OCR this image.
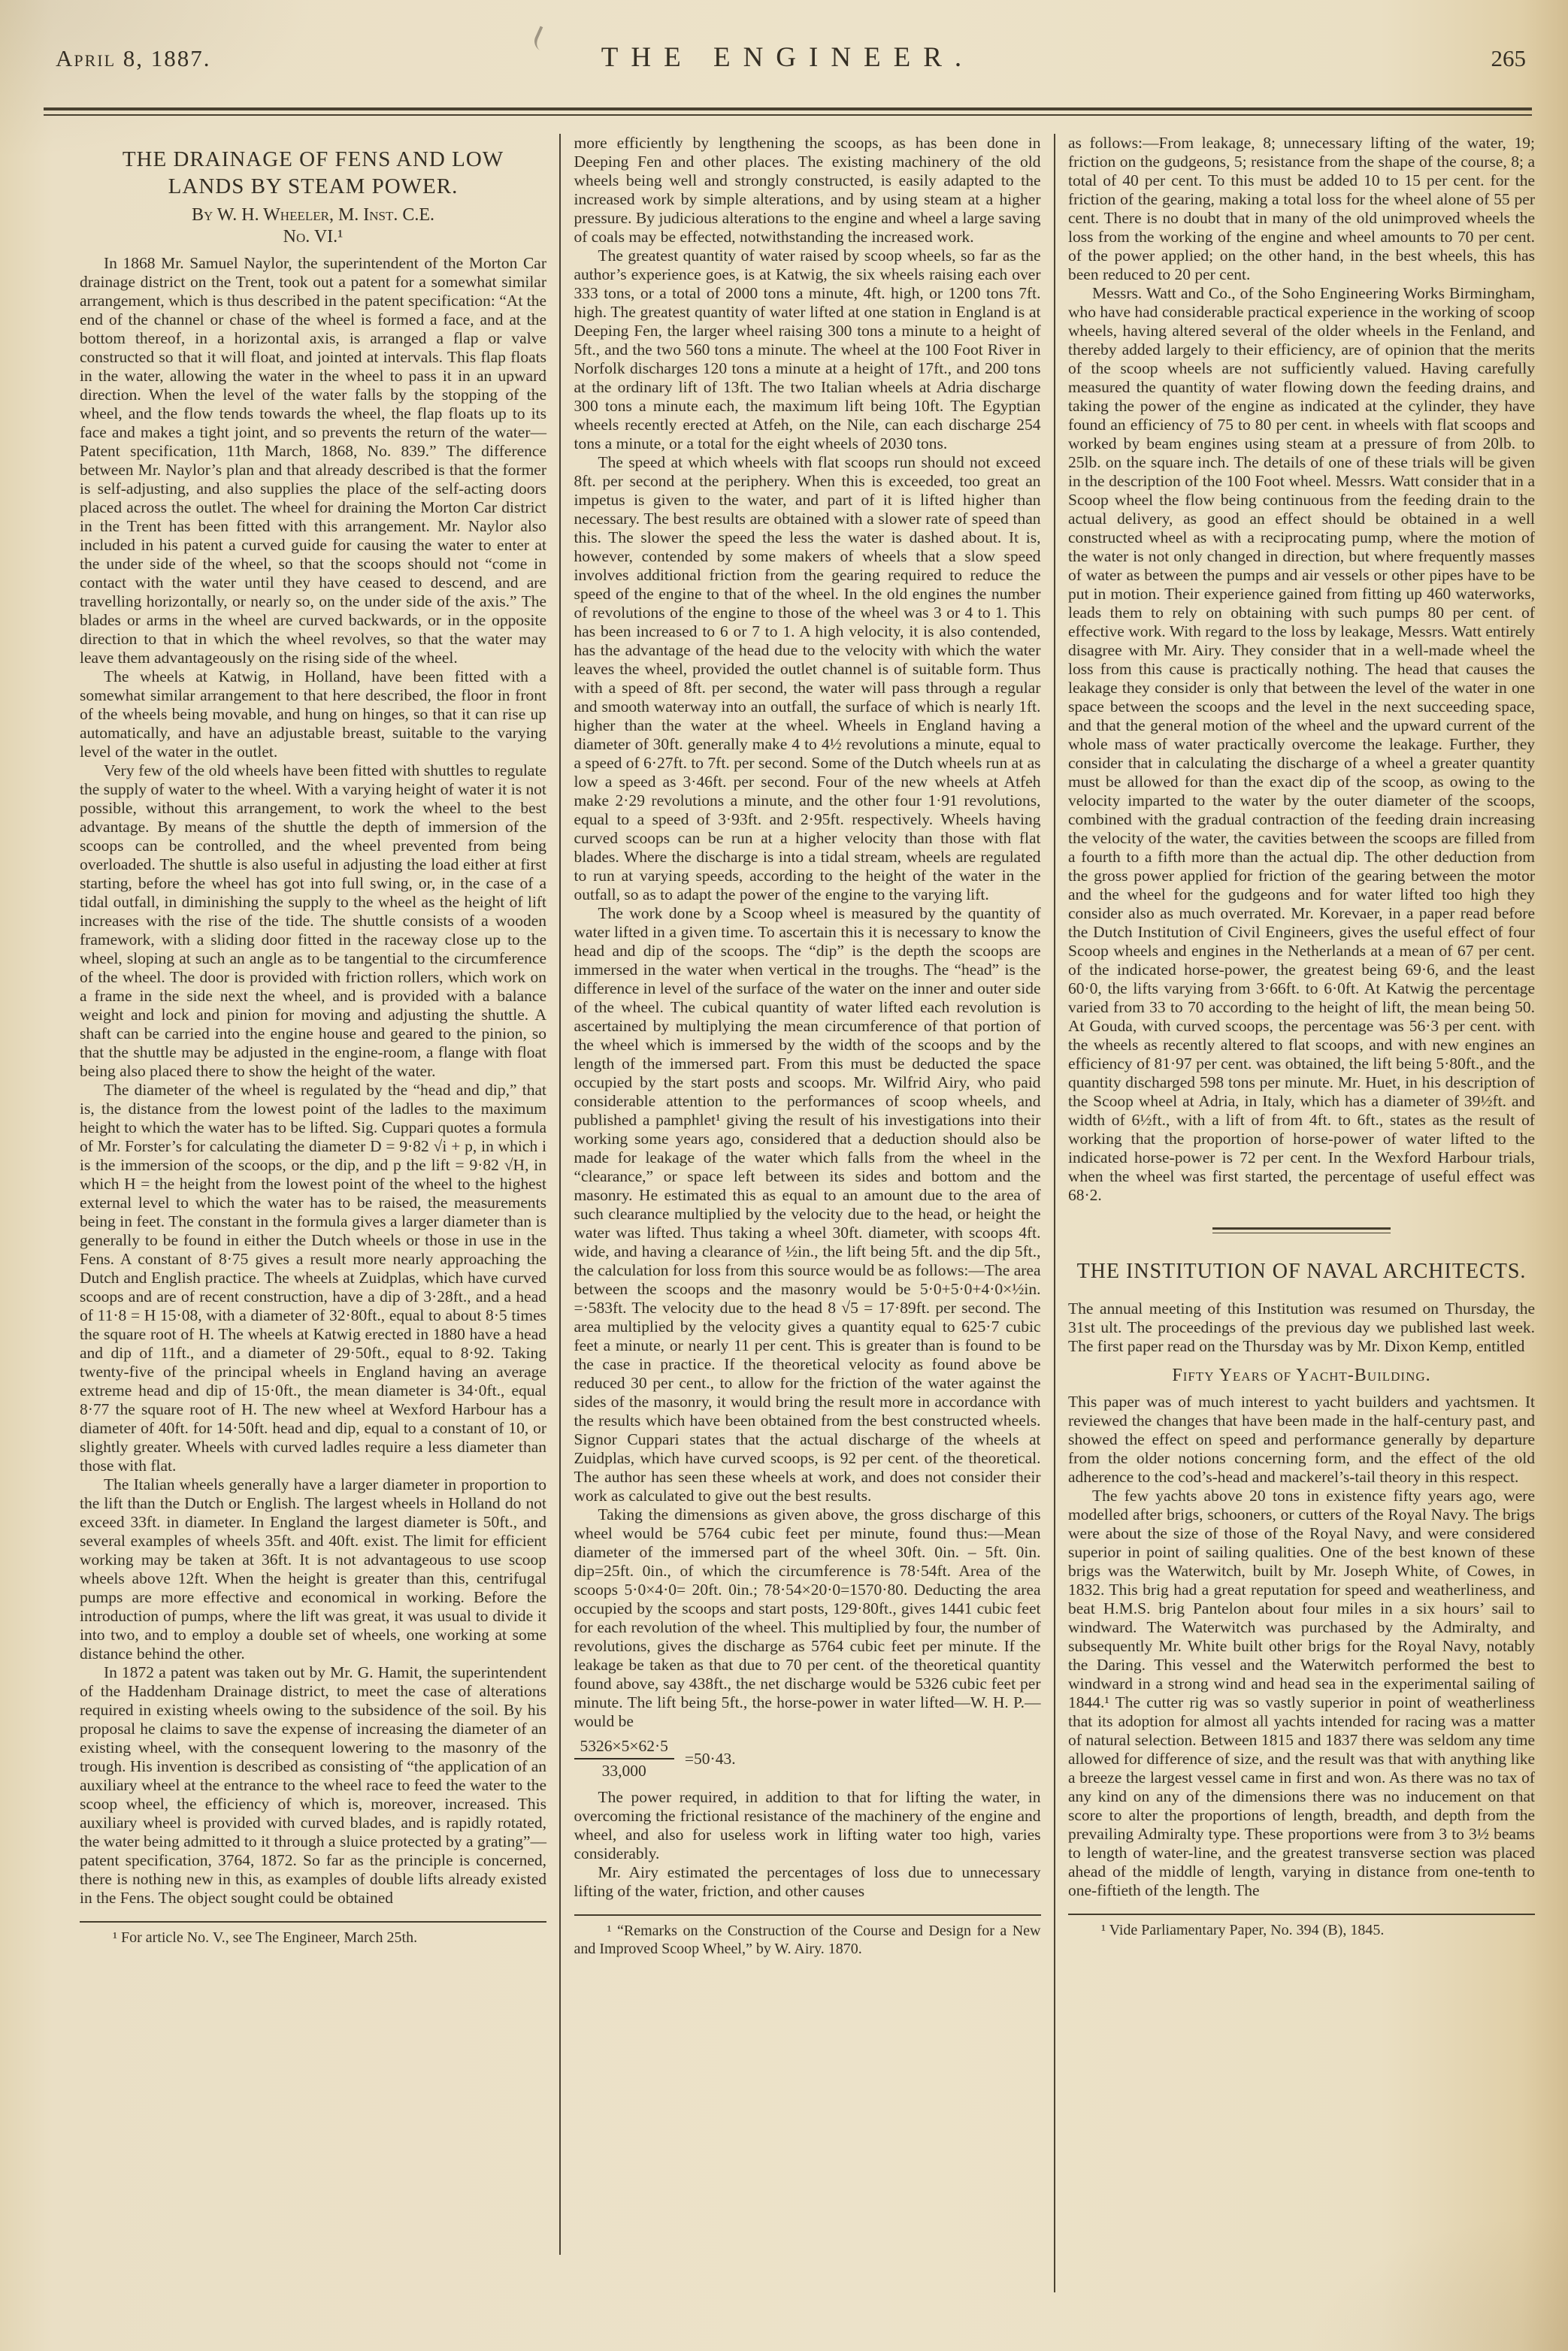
April 8, 1887.	THE ENGINEER.	265
THE DRAINAGE OF FENS AND LOW LANDS BY STEAM POWER.
By W. H. Wheeler, M. Inst. C.E.
No. VI.¹
In 1868 Mr. Samuel Naylor, the superintendent of the Morton Car drainage district on the Trent, took out a patent for a somewhat similar arrangement, which is thus described in the patent specification: “At the end of the channel or chase of the wheel is formed a face, and at the bottom thereof, in a horizontal axis, is arranged a flap or valve constructed so that it will float, and jointed at intervals. This flap floats in the water, allowing the water in the wheel to pass it in an upward direction. When the level of the water falls by the stopping of the wheel, and the flow tends towards the wheel, the flap floats up to its face and makes a tight joint, and so prevents the return of the water—Patent specification, 11th March, 1868, No. 839.” The difference between Mr. Naylor’s plan and that already described is that the former is self-adjusting, and also supplies the place of the self-acting doors placed across the outlet. The wheel for draining the Morton Car district in the Trent has been fitted with this arrangement. Mr. Naylor also included in his patent a curved guide for causing the water to enter at the under side of the wheel, so that the scoops should not “come in contact with the water until they have ceased to descend, and are travelling horizontally, or nearly so, on the under side of the axis.” The blades or arms in the wheel are curved backwards, or in the opposite direction to that in which the wheel revolves, so that the water may leave them advantageously on the rising side of the wheel.
The wheels at Katwig, in Holland, have been fitted with a somewhat similar arrangement to that here described, the floor in front of the wheels being movable, and hung on hinges, so that it can rise up automatically, and have an adjustable breast, suitable to the varying level of the water in the outlet.
Very few of the old wheels have been fitted with shuttles to regulate the supply of water to the wheel. With a varying height of water it is not possible, without this arrangement, to work the wheel to the best advantage. By means of the shuttle the depth of immersion of the scoops can be controlled, and the wheel prevented from being overloaded. The shuttle is also useful in adjusting the load either at first starting, before the wheel has got into full swing, or, in the case of a tidal outfall, in diminishing the supply to the wheel as the height of lift increases with the rise of the tide. The shuttle consists of a wooden framework, with a sliding door fitted in the raceway close up to the wheel, sloping at such an angle as to be tangential to the circumference of the wheel. The door is provided with friction rollers, which work on a frame in the side next the wheel, and is provided with a balance weight and lock and pinion for moving and adjusting the shuttle. A shaft can be carried into the engine house and geared to the pinion, so that the shuttle may be adjusted in the engine-room, a flange with float being also placed there to show the height of the water.
The diameter of the wheel is regulated by the “head and dip,” that is, the distance from the lowest point of the ladles to the maximum height to which the water has to be lifted. Sig. Cuppari quotes a formula of Mr. Forster’s for calculating the diameter D = 9·82 √i + p, in which i is the immersion of the scoops, or the dip, and p the lift = 9·82 √H, in which H = the height from the lowest point of the wheel to the highest external level to which the water has to be raised, the measurements being in feet. The constant in the formula gives a larger diameter than is generally to be found in either the Dutch wheels or those in use in the Fens. A constant of 8·75 gives a result more nearly approaching the Dutch and English practice. The wheels at Zuidplas, which have curved scoops and are of recent construction, have a dip of 3·28ft., and a head of 11·8 = H 15·08, with a diameter of 32·80ft., equal to about 8·5 times the square root of H. The wheels at Katwig erected in 1880 have a head and dip of 11ft., and a diameter of 29·50ft., equal to 8·92. Taking twenty-five of the principal wheels in England having an average extreme head and dip of 15·0ft., the mean diameter is 34·0ft., equal 8·77 the square root of H. The new wheel at Wexford Harbour has a diameter of 40ft. for 14·50ft. head and dip, equal to a constant of 10, or slightly greater. Wheels with curved ladles require a less diameter than those with flat.
The Italian wheels generally have a larger diameter in proportion to the lift than the Dutch or English. The largest wheels in Holland do not exceed 33ft. in diameter. In England the largest diameter is 50ft., and several examples of wheels 35ft. and 40ft. exist. The limit for efficient working may be taken at 36ft. It is not advantageous to use scoop wheels above 12ft. When the height is greater than this, centrifugal pumps are more effective and economical in working. Before the introduction of pumps, where the lift was great, it was usual to divide it into two, and to employ a double set of wheels, one working at some distance behind the other.
In 1872 a patent was taken out by Mr. G. Hamit, the superintendent of the Haddenham Drainage district, to meet the case of alterations required in existing wheels owing to the subsidence of the soil. By his proposal he claims to save the expense of increasing the diameter of an existing wheel, with the consequent lowering to the masonry of the trough. His invention is described as consisting of “the application of an auxiliary wheel at the entrance to the wheel race to feed the water to the scoop wheel, the efficiency of which is, moreover, increased. This auxiliary wheel is provided with curved blades, and is rapidly rotated, the water being admitted to it through a sluice protected by a grating”—patent specification, 3764, 1872. So far as the principle is concerned, there is nothing new in this, as examples of double lifts already existed in the Fens. The object sought could be obtained
¹ For article No. V., see The Engineer, March 25th.
more efficiently by lengthening the scoops, as has been done in Deeping Fen and other places. The existing machinery of the old wheels being well and strongly constructed, is easily adapted to the increased work by simple alterations, and by using steam at a higher pressure. By judicious alterations to the engine and wheel a large saving of coals may be effected, notwithstanding the increased work.
The greatest quantity of water raised by scoop wheels, so far as the author’s experience goes, is at Katwig, the six wheels raising each over 333 tons, or a total of 2000 tons a minute, 4ft. high, or 1200 tons 7ft. high. The greatest quantity of water lifted at one station in England is at Deeping Fen, the larger wheel raising 300 tons a minute to a height of 5ft., and the two 560 tons a minute. The wheel at the 100 Foot River in Norfolk discharges 120 tons a minute at a height of 17ft., and 200 tons at the ordinary lift of 13ft. The two Italian wheels at Adria discharge 300 tons a minute each, the maximum lift being 10ft. The Egyptian wheels recently erected at Atfeh, on the Nile, can each discharge 254 tons a minute, or a total for the eight wheels of 2030 tons.
The speed at which wheels with flat scoops run should not exceed 8ft. per second at the periphery. When this is exceeded, too great an impetus is given to the water, and part of it is lifted higher than necessary. The best results are obtained with a slower rate of speed than this. The slower the speed the less the water is dashed about. It is, however, contended by some makers of wheels that a slow speed involves additional friction from the gearing required to reduce the speed of the engine to that of the wheel. In the old engines the number of revolutions of the engine to those of the wheel was 3 or 4 to 1. This has been increased to 6 or 7 to 1. A high velocity, it is also contended, has the advantage of the head due to the velocity with which the water leaves the wheel, provided the outlet channel is of suitable form. Thus with a speed of 8ft. per second, the water will pass through a regular and smooth waterway into an outfall, the surface of which is nearly 1ft. higher than the water at the wheel. Wheels in England having a diameter of 30ft. generally make 4 to 4½ revolutions a minute, equal to a speed of 6·27ft. to 7ft. per second. Some of the Dutch wheels run at as low a speed as 3·46ft. per second. Four of the new wheels at Atfeh make 2·29 revolutions a minute, and the other four 1·91 revolutions, equal to a speed of 3·93ft. and 2·95ft. respectively. Wheels having curved scoops can be run at a higher velocity than those with flat blades. Where the discharge is into a tidal stream, wheels are regulated to run at varying speeds, according to the height of the water in the outfall, so as to adapt the power of the engine to the varying lift.
The work done by a Scoop wheel is measured by the quantity of water lifted in a given time. To ascertain this it is necessary to know the head and dip of the scoops. The “dip” is the depth the scoops are immersed in the water when vertical in the troughs. The “head” is the difference in level of the surface of the water on the inner and outer side of the wheel. The cubical quantity of water lifted each revolution is ascertained by multiplying the mean circumference of that portion of the wheel which is immersed by the width of the scoops and by the length of the immersed part. From this must be deducted the space occupied by the start posts and scoops. Mr. Wilfrid Airy, who paid considerable attention to the performances of scoop wheels, and published a pamphlet¹ giving the result of his investigations into their working some years ago, considered that a deduction should also be made for leakage of the water which falls from the wheel in the “clearance,” or space left between its sides and bottom and the masonry. He estimated this as equal to an amount due to the area of such clearance multiplied by the velocity due to the head, or height the water was lifted. Thus taking a wheel 30ft. diameter, with scoops 4ft. wide, and having a clearance of ½in., the lift being 5ft. and the dip 5ft., the calculation for loss from this source would be as follows:—The area between the scoops and the masonry would be 5·0+5·0+4·0×½in. =·583ft. The velocity due to the head 8 √5 = 17·89ft. per second. The area multiplied by the velocity gives a quantity equal to 625·7 cubic feet a minute, or nearly 11 per cent. This is greater than is found to be the case in practice. If the theoretical velocity as found above be reduced 30 per cent., to allow for the friction of the water against the sides of the masonry, it would bring the result more in accordance with the results which have been obtained from the best constructed wheels. Signor Cuppari states that the actual discharge of the wheels at Zuidplas, which have curved scoops, is 92 per cent. of the theoretical. The author has seen these wheels at work, and does not consider their work as calculated to give out the best results.
Taking the dimensions as given above, the gross discharge of this wheel would be 5764 cubic feet per minute, found thus:—Mean diameter of the immersed part of the wheel 30ft. 0in. – 5ft. 0in. dip=25ft. 0in., of which the circumference is 78·54ft. Area of the scoops 5·0×4·0= 20ft. 0in.; 78·54×20·0=1570·80. Deducting the area occupied by the scoops and start posts, 129·80ft., gives 1441 cubic feet for each revolution of the wheel. This multiplied by four, the number of revolutions, gives the discharge as 5764 cubic feet per minute. If the leakage be taken as that due to 70 per cent. of the theoretical quantity found above, say 438ft., the net discharge would be 5326 cubic feet per minute. The lift being 5ft., the horse-power in water lifted—W. H. P.—would be
$\frac{5326\times 5\times 62\cdot 5}{33,000} =50\cdot 43$.
The power required, in addition to that for lifting the water, in overcoming the frictional resistance of the machinery of the engine and wheel, and also for useless work in lifting water too high, varies considerably.
Mr. Airy estimated the percentages of loss due to unnecessary lifting of the water, friction, and other causes
¹ “Remarks on the Construction of the Course and Design for a New and Improved Scoop Wheel,” by W. Airy. 1870.
as follows:—From leakage, 8; unnecessary lifting of the water, 19; friction on the gudgeons, 5; resistance from the shape of the course, 8; a total of 40 per cent. To this must be added 10 to 15 per cent. for the friction of the gearing, making a total loss for the wheel alone of 55 per cent. There is no doubt that in many of the old unimproved wheels the loss from the working of the engine and wheel amounts to 70 per cent. of the power applied; on the other hand, in the best wheels, this has been reduced to 20 per cent.
Messrs. Watt and Co., of the Soho Engineering Works Birmingham, who have had considerable practical experience in the working of scoop wheels, having altered several of the older wheels in the Fenland, and thereby added largely to their efficiency, are of opinion that the merits of the scoop wheels are not sufficiently valued. Having carefully measured the quantity of water flowing down the feeding drains, and taking the power of the engine as indicated at the cylinder, they have found an efficiency of 75 to 80 per cent. in wheels with flat scoops and worked by beam engines using steam at a pressure of from 20lb. to 25lb. on the square inch. The details of one of these trials will be given in the description of the 100 Foot wheel. Messrs. Watt consider that in a Scoop wheel the flow being continuous from the feeding drain to the actual delivery, as good an effect should be obtained in a well constructed wheel as with a reciprocating pump, where the motion of the water is not only changed in direction, but where frequently masses of water as between the pumps and air vessels or other pipes have to be put in motion. Their experience gained from fitting up 460 waterworks, leads them to rely on obtaining with such pumps 80 per cent. of effective work. With regard to the loss by leakage, Messrs. Watt entirely disagree with Mr. Airy. They consider that in a well-made wheel the loss from this cause is practically nothing. The head that causes the leakage they consider is only that between the level of the water in one space between the scoops and the level in the next succeeding space, and that the general motion of the wheel and the upward current of the whole mass of water practically overcome the leakage. Further, they consider that in calculating the discharge of a wheel a greater quantity must be allowed for than the exact dip of the scoop, as owing to the velocity imparted to the water by the outer diameter of the scoops, combined with the gradual contraction of the feeding drain increasing the velocity of the water, the cavities between the scoops are filled from a fourth to a fifth more than the actual dip. The other deduction from the gross power applied for friction of the gearing between the motor and the wheel for the gudgeons and for water lifted too high they consider also as much overrated. Mr. Korevaer, in a paper read before the Dutch Institution of Civil Engineers, gives the useful effect of four Scoop wheels and engines in the Netherlands at a mean of 67 per cent. of the indicated horse-power, the greatest being 69·6, and the least 60·0, the lifts varying from 3·66ft. to 6·0ft. At Katwig the percentage varied from 33 to 70 according to the height of lift, the mean being 50. At Gouda, with curved scoops, the percentage was 56·3 per cent. with the wheels as recently altered to flat scoops, and with new engines an efficiency of 81·97 per cent. was obtained, the lift being 5·80ft., and the quantity discharged 598 tons per minute. Mr. Huet, in his description of the Scoop wheel at Adria, in Italy, which has a diameter of 39½ft. and width of 6½ft., with a lift of from 4ft. to 6ft., states as the result of working that the proportion of horse-power of water lifted to the indicated horse-power is 72 per cent. In the Wexford Harbour trials, when the wheel was first started, the percentage of useful effect was 68·2.
THE INSTITUTION OF NAVAL ARCHITECTS.
The annual meeting of this Institution was resumed on Thursday, the 31st ult. The proceedings of the previous day we published last week. The first paper read on the Thursday was by Mr. Dixon Kemp, entitled
Fifty Years of Yacht-Building.
This paper was of much interest to yacht builders and yachtsmen. It reviewed the changes that have been made in the half-century past, and showed the effect on speed and performance generally by departure from the older notions concerning form, and the effect of the old adherence to the cod’s-head and mackerel’s-tail theory in this respect.
The few yachts above 20 tons in existence fifty years ago, were modelled after brigs, schooners, or cutters of the Royal Navy. The brigs were about the size of those of the Royal Navy, and were considered superior in point of sailing qualities. One of the best known of these brigs was the Waterwitch, built by Mr. Joseph White, of Cowes, in 1832. This brig had a great reputation for speed and weatherliness, and beat H.M.S. brig Pantelon about four miles in a six hours’ sail to windward. The Waterwitch was purchased by the Admiralty, and subsequently Mr. White built other brigs for the Royal Navy, notably the Daring. This vessel and the Waterwitch performed the best to windward in a strong wind and head sea in the experimental sailing of 1844.¹ The cutter rig was so vastly superior in point of weatherliness that its adoption for almost all yachts intended for racing was a matter of natural selection. Between 1815 and 1837 there was seldom any time allowed for difference of size, and the result was that with anything like a breeze the largest vessel came in first and won. As there was no tax of any kind on any of the dimensions there was no inducement on that score to alter the proportions of length, breadth, and depth from the prevailing Admiralty type. These proportions were from 3 to 3½ beams to length of water-line, and the greatest transverse section was placed ahead of the middle of length, varying in distance from one-tenth to one-fiftieth of the length. The
¹ Vide Parliamentary Paper, No. 394 (B), 1845.
